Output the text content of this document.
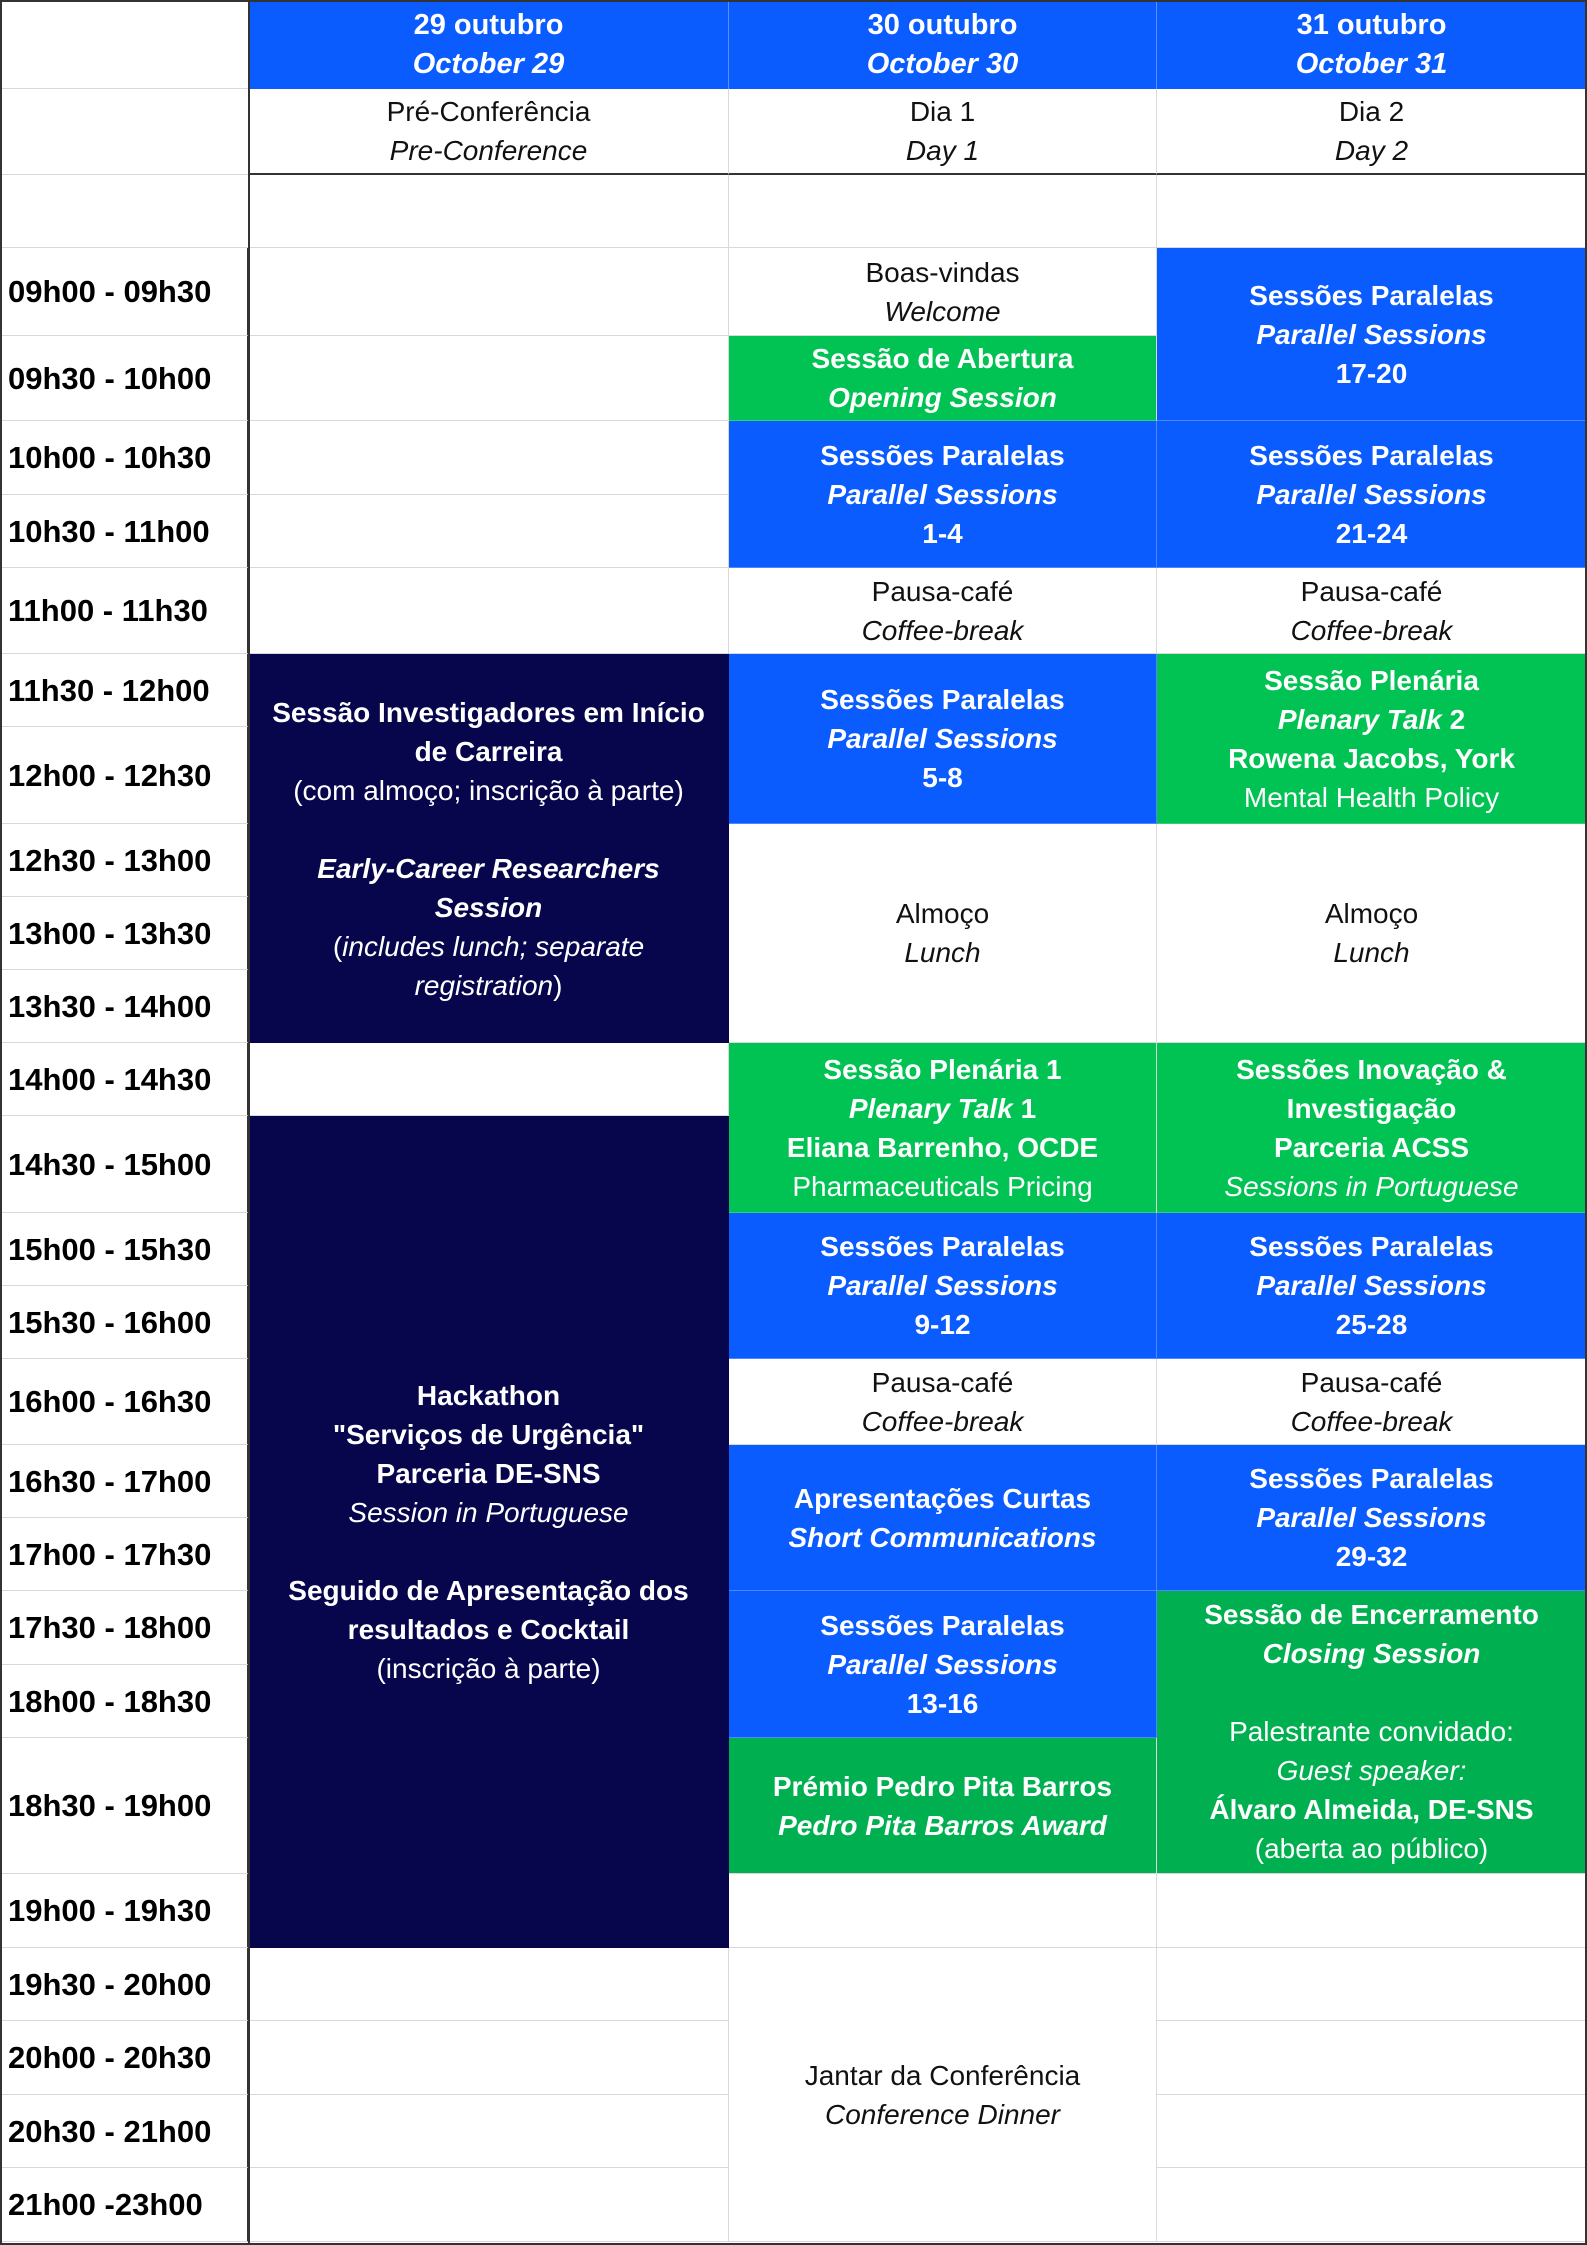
29 outubro
October 29
30 outubro
October 30
31 outubro
October 31
Pré-Conferência
Pre-Conference
Dia 1
Day 1
Dia 2
Day 2
09h00 - 09h30
09h30 - 10h00
10h00 - 10h30
10h30 - 11h00
11h00 - 11h30
11h30 - 12h00
12h00 - 12h30
12h30 - 13h00
13h00 - 13h30
13h30 - 14h00
14h00 - 14h30
14h30 - 15h00
15h00 - 15h30
15h30 - 16h00
16h00 - 16h30
16h30 - 17h00
17h00 - 17h30
17h30 - 18h00
18h00 - 18h30
18h30 - 19h00
19h00 - 19h30
19h30 - 20h00
20h00 - 20h30
20h30 - 21h00
21h00 -23h00
Sessão Investigadores em Início de Carreira
(com almoço; inscrição à parte)
Early-Career Researchers Session
(includes lunch; separate registration)
Hackathon
"Serviços de Urgência"
Parceria DE-SNS
Session in Portuguese
Seguido de Apresentação dos resultados e Cocktail
(inscrição à parte)
Boas-vindas
Welcome
Sessão de Abertura
Opening Session
Sessões Paralelas
Parallel Sessions
1-4
Pausa-café
Coffee-break
Sessões Paralelas
Parallel Sessions
5-8
Almoço
Lunch
Sessão Plenária 1
Plenary Talk 1
Eliana Barrenho, OCDE
Pharmaceuticals Pricing
Sessões Paralelas
Parallel Sessions
9-12
Pausa-café
Coffee-break
Apresentações Curtas
Short Communications
Sessões Paralelas
Parallel Sessions
13-16
Prémio Pedro Pita Barros
Pedro Pita Barros Award
Jantar da Conferência
Conference Dinner
Sessões Paralelas
Parallel Sessions
17-20
Sessões Paralelas
Parallel Sessions
21-24
Pausa-café
Coffee-break
Sessão Plenária
Plenary Talk 2
Rowena Jacobs, York
Mental Health Policy
Almoço
Lunch
Sessões Inovação &
Investigação
Parceria ACSS
Sessions in Portuguese
Sessões Paralelas
Parallel Sessions
25-28
Pausa-café
Coffee-break
Sessões Paralelas
Parallel Sessions
29-32
Sessão de Encerramento
Closing Session
Palestrante convidado:
Guest speaker:
Álvaro Almeida, DE-SNS
(aberta ao público)
